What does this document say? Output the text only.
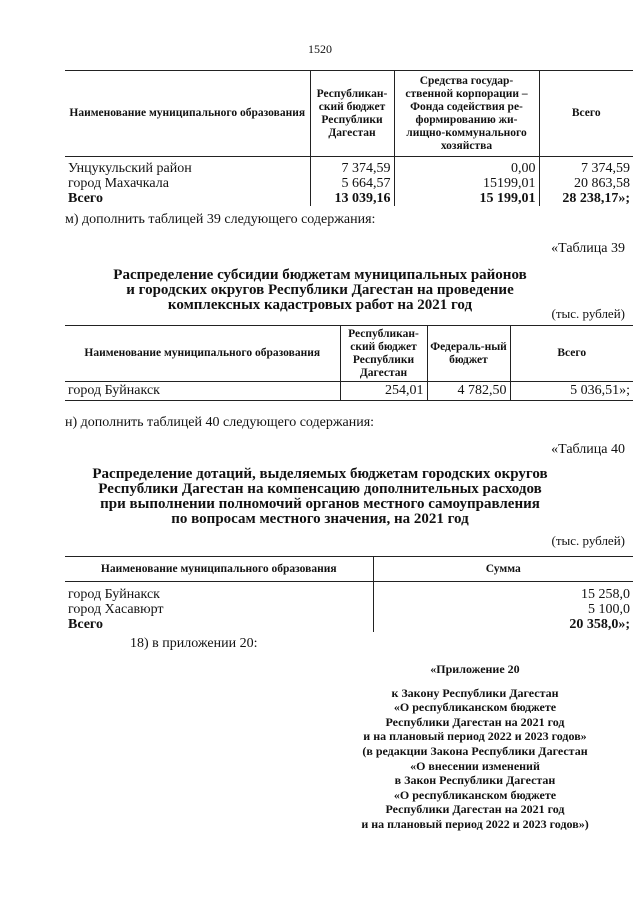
1520
Наименование муниципального образования	Республикан-ский бюджет Республики Дагестан	Средства государ-ственной корпорации – Фонда содействия ре-формированию жи-лищно-коммунального хозяйства	Всего

Унцукульский район	7 374,59	0,00	7 374,59
город Махачкала	5 664,57	15199,01	20 863,58
Всего	13 039,16	15 199,01	28 238,17»;
м) дополнить таблицей 39 следующего содержания:
«Таблица 39
Распределение субсидии бюджетам муниципальных районов
и городских округов Республики Дагестан на проведение
комплексных кадастровых работ на 2021 год
(тыс. рублей)
Наименование муниципального образования	Республикан-ский бюджет Республики Дагестан	Федераль-ный бюджет	Всего
город Буйнакск	254,01	4 782,50	5 036,51»;
н) дополнить таблицей 40 следующего содержания:
«Таблица 40
Распределение дотаций, выделяемых бюджетам городских округов
Республики Дагестан на компенсацию дополнительных расходов
при выполнении полномочий органов местного самоуправления
по вопросам местного значения, на 2021 год
(тыс. рублей)
Наименование муниципального образования	Сумма

город Буйнакск	15 258,0
город Хасавюрт	5 100,0
Всего	20 358,0»;
18) в приложении 20:
«Приложение 20
к Закону Республики Дагестан
«О республиканском бюджете
Республики Дагестан на 2021 год
и на плановый период 2022 и 2023 годов»
(в редакции Закона Республики Дагестан
«О внесении изменений
в Закон Республики Дагестан
«О республиканском бюджете
Республики Дагестан на 2021 год
и на плановый период 2022 и 2023 годов»)
